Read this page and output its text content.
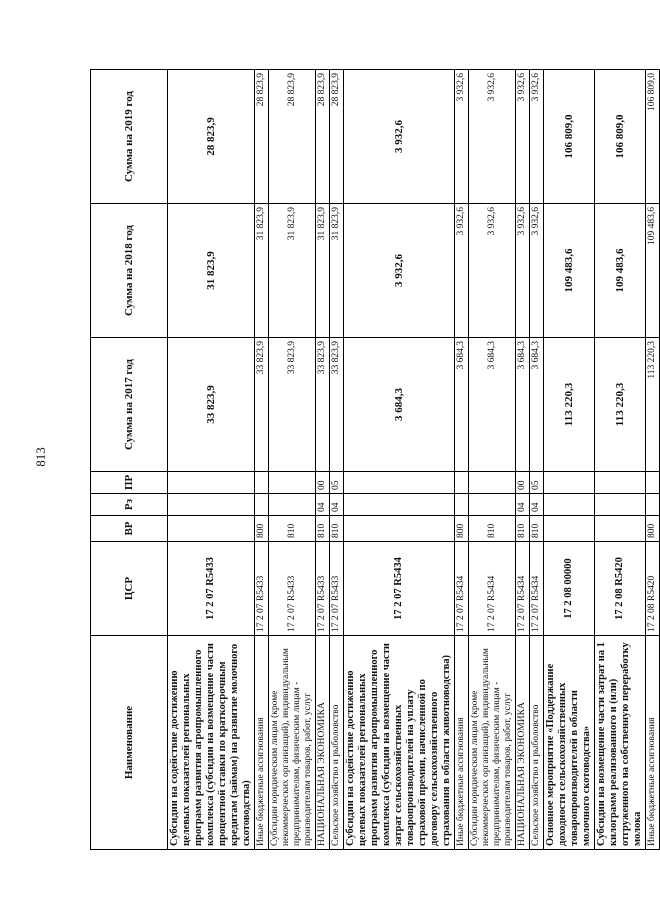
813
Наименование	ЦСР	ВР	Рз	ПР	Сумма на 2017 год	Сумма на 2018 год	Сумма на 2019 год
Субсидии на содействие достижению целевых показателей региональных программ развития агропромышленного комплекса (субсидии на возмещение части процентной ставки по краткосрочным кредитам (займам) на развитие молочного скотоводства)	17 2 07 R5433				33 823,9	31 823,9	28 823,9
Иные бюджетные ассигнования	17 2 07 R5433	800			33 823,9	31 823,9	28 823,9
Субсидии юридическим лицам (кроме некоммерческих организаций), индивидуальным предпринимателям, физическим лицам - производителям товаров, работ, услуг	17 2 07 R5433	810			33 823,9	31 823,9	28 823,9
НАЦИОНАЛЬНАЯ ЭКОНОМИКА	17 2 07 R5433	810	04	00	33 823,9	31 823,9	28 823,9
Сельское хозяйство и рыболовство	17 2 07 R5433	810	04	05	33 823,9	31 823,9	28 823,9
Субсидии на содействие достижению целевых показателей региональных программ развития агропромышленного комплекса (субсидии на возмещение части затрат сельскохозяйственных товаропроизводителей на уплату страховой премии, начисленной по договору сельскохозяйственного страхования в области животноводства)	17 2 07 R5434				3 684,3	3 932,6	3 932,6
Иные бюджетные ассигнования	17 2 07 R5434	800			3 684,3	3 932,6	3 932,6
Субсидии юридическим лицам (кроме некоммерческих организаций), индивидуальным предпринимателям, физическим лицам - производителям товаров, работ, услуг	17 2 07 R5434	810			3 684,3	3 932,6	3 932,6
НАЦИОНАЛЬНАЯ ЭКОНОМИКА	17 2 07 R5434	810	04	00	3 684,3	3 932,6	3 932,6
Сельское хозяйство и рыболовство	17 2 07 R5434	810	04	05	3 684,3	3 932,6	3 932,6
Основное мероприятие «Поддержание доходности сельскохозяйственных товаропроизводителей в области молочного скотоводства»	17 2 08 00000				113 220,3	109 483,6	106 809,0
Субсидии на возмещение части затрат на 1 килограмм реализованного и (или) отгруженного на собственную переработку молока	17 2 08 R5420				113 220,3	109 483,6	106 809,0
Иные бюджетные ассигнования	17 2 08 R5420	800			113 220,3	109 483,6	106 809,0
